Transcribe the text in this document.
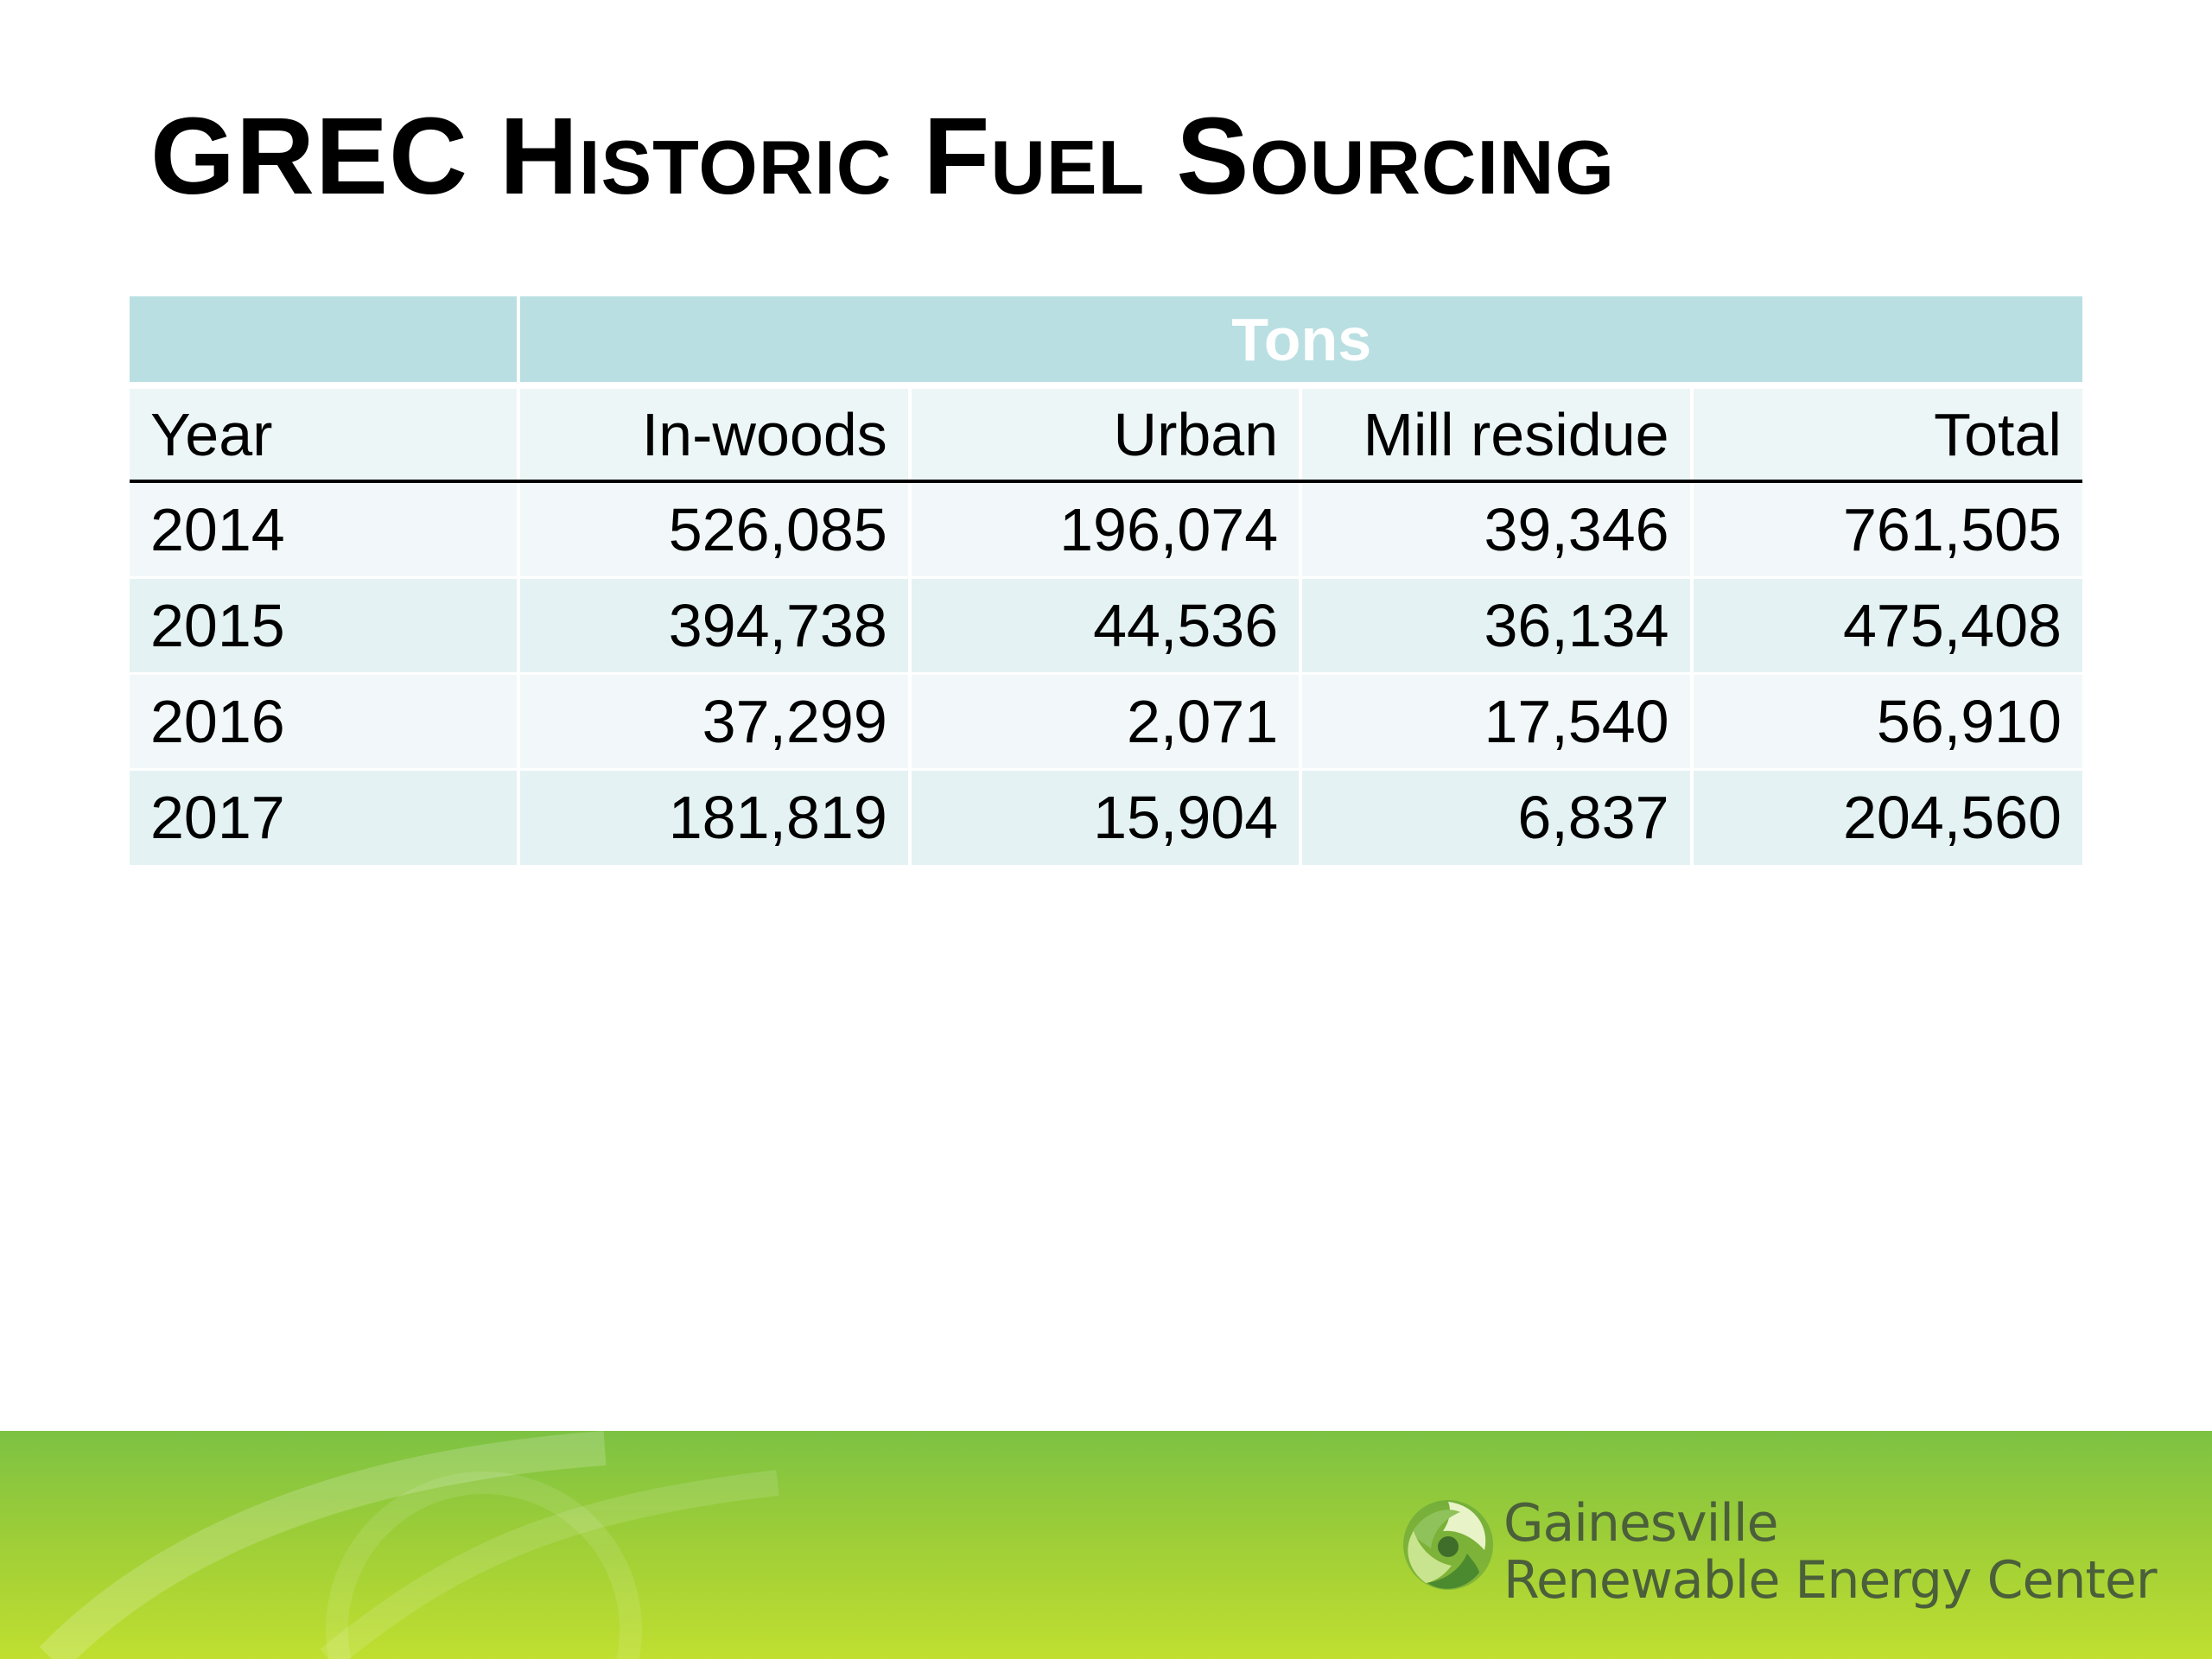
GREC Historic Fuel Sourcing
	Tons			
Year	In-woods	Urban	Mill residue	Total
2014	526,085	196,074	39,346	761,505
2015	394,738	44,536	36,134	475,408
2016	37,299	2,071	17,540	56,910
2017	181,819	15,904	6,837	204,560
Gainesville
Renewable Energy Center
